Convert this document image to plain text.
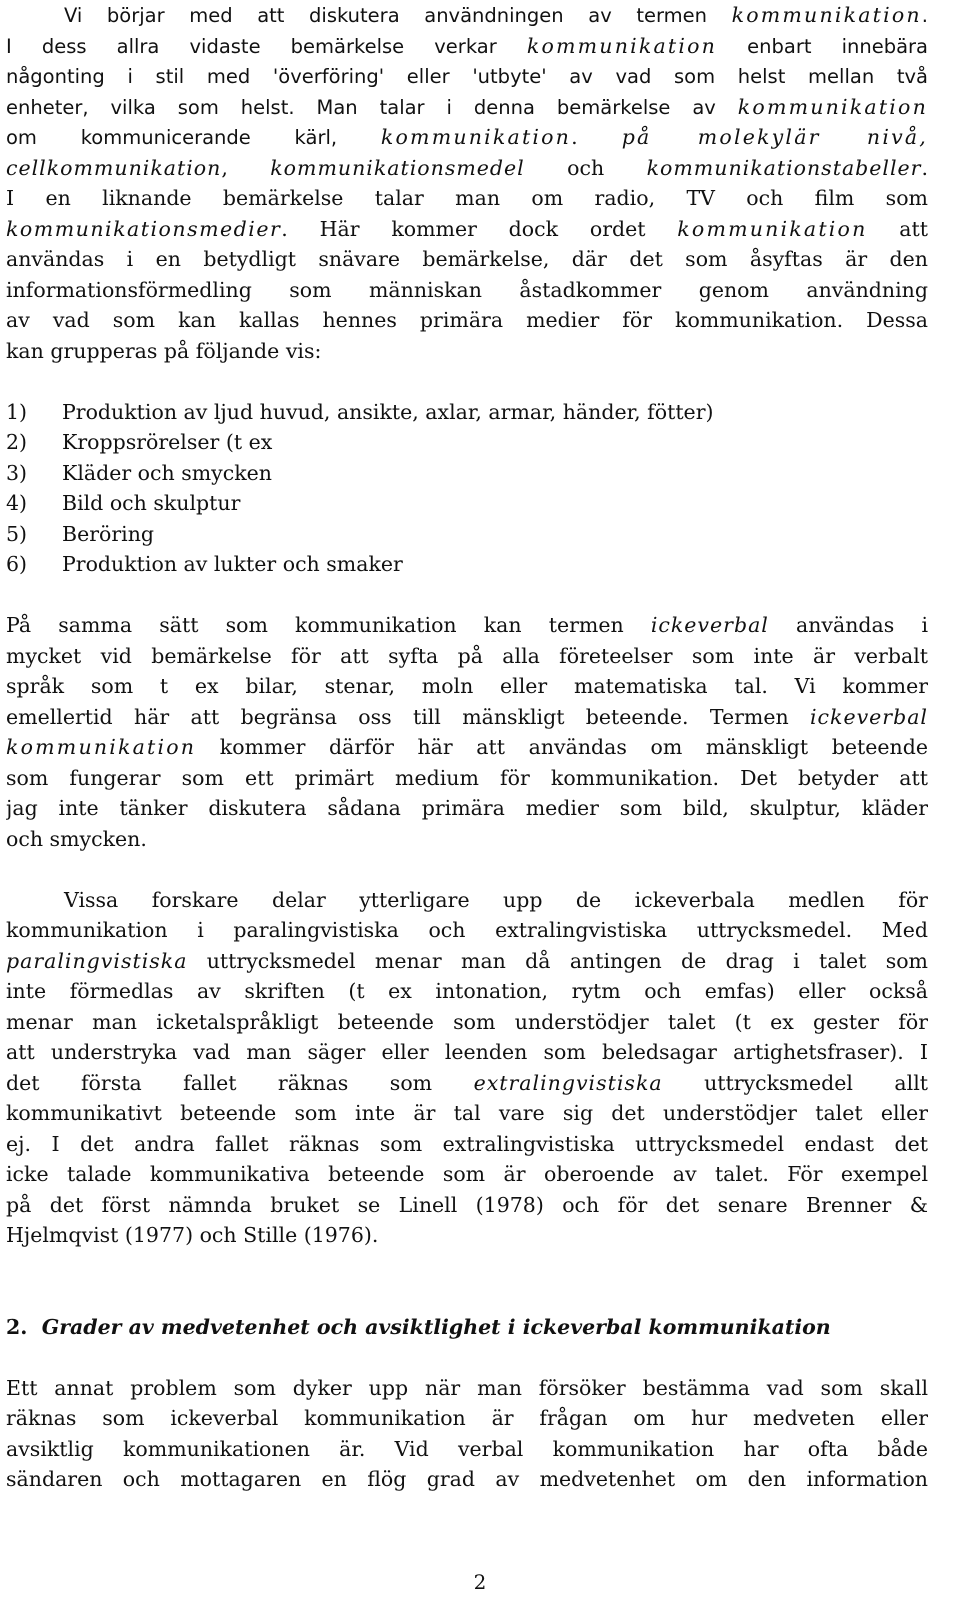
Vi börjar med att diskutera användningen av termen kommunikation.
I dess allra vidaste bemärkelse verkar kommunikation enbart innebära
någonting i stil med 'överföring' eller 'utbyte' av vad som helst mellan två
enheter, vilka som helst. Man talar i denna bemärkelse av kommunikation
om kommunicerande kärl, kommunikation. på molekylär nivå,
cellkommunikation, kommunikationsmedel och kommunikationstabeller.
I en liknande bemärkelse talar man om radio, TV och film som
kommunikationsmedier. Här kommer dock ordet kommunikation att
användas i en betydligt snävare bemärkelse, där det som åsyftas är den
informationsförmedling som människan åstadkommer genom användning
av vad som kan kallas hennes primära medier för kommunikation. Dessa
kan grupperas på följande vis:
1) Produktion av ljud huvud, ansikte, axlar, armar, händer, fötter)
2) Kroppsrörelser (t ex
3) Kläder och smycken
4) Bild och skulptur
5) Beröring
6) Produktion av lukter och smaker
På samma sätt som kommunikation kan termen ickeverbal användas i
mycket vid bemärkelse för att syfta på alla företeelser som inte är verbalt
språk som t ex bilar, stenar, moln eller matematiska tal. Vi kommer
emellertid här att begränsa oss till mänskligt beteende. Termen ickeverbal
kommunikation kommer därför här att användas om mänskligt beteende
som fungerar som ett primärt medium för kommunikation. Det betyder att
jag inte tänker diskutera sådana primära medier som bild, skulptur, kläder
och smycken.
Vissa forskare delar ytterligare upp de ickeverbala medlen för
kommunikation i paralingvistiska och extralingvistiska uttrycksmedel. Med
paralingvistiska uttrycksmedel menar man då antingen de drag i talet som
inte förmedlas av skriften (t ex intonation, rytm och emfas) eller också
menar man icketalspråkligt beteende som understödjer talet (t ex gester för
att understryka vad man säger eller leenden som beledsagar artighetsfraser). I
det första fallet räknas som extralingvistiska uttrycksmedel allt
kommunikativt beteende som inte är tal vare sig det understödjer talet eller
ej. I det andra fallet räknas som extralingvistiska uttrycksmedel endast det
icke talade kommunikativa beteende som är oberoende av talet. För exempel
på det först nämnda bruket se Linell (1978) och för det senare Brenner &
Hjelmqvist (1977) och Stille (1976).
2. Grader av medvetenhet och avsiktlighet i ickeverbal kommunikation
Ett annat problem som dyker upp när man försöker bestämma vad som skall
räknas som ickeverbal kommunikation är frågan om hur medveten eller
avsiktlig kommunikationen är. Vid verbal kommunikation har ofta både
sändaren och mottagaren en flög grad av medvetenhet om den information
2
